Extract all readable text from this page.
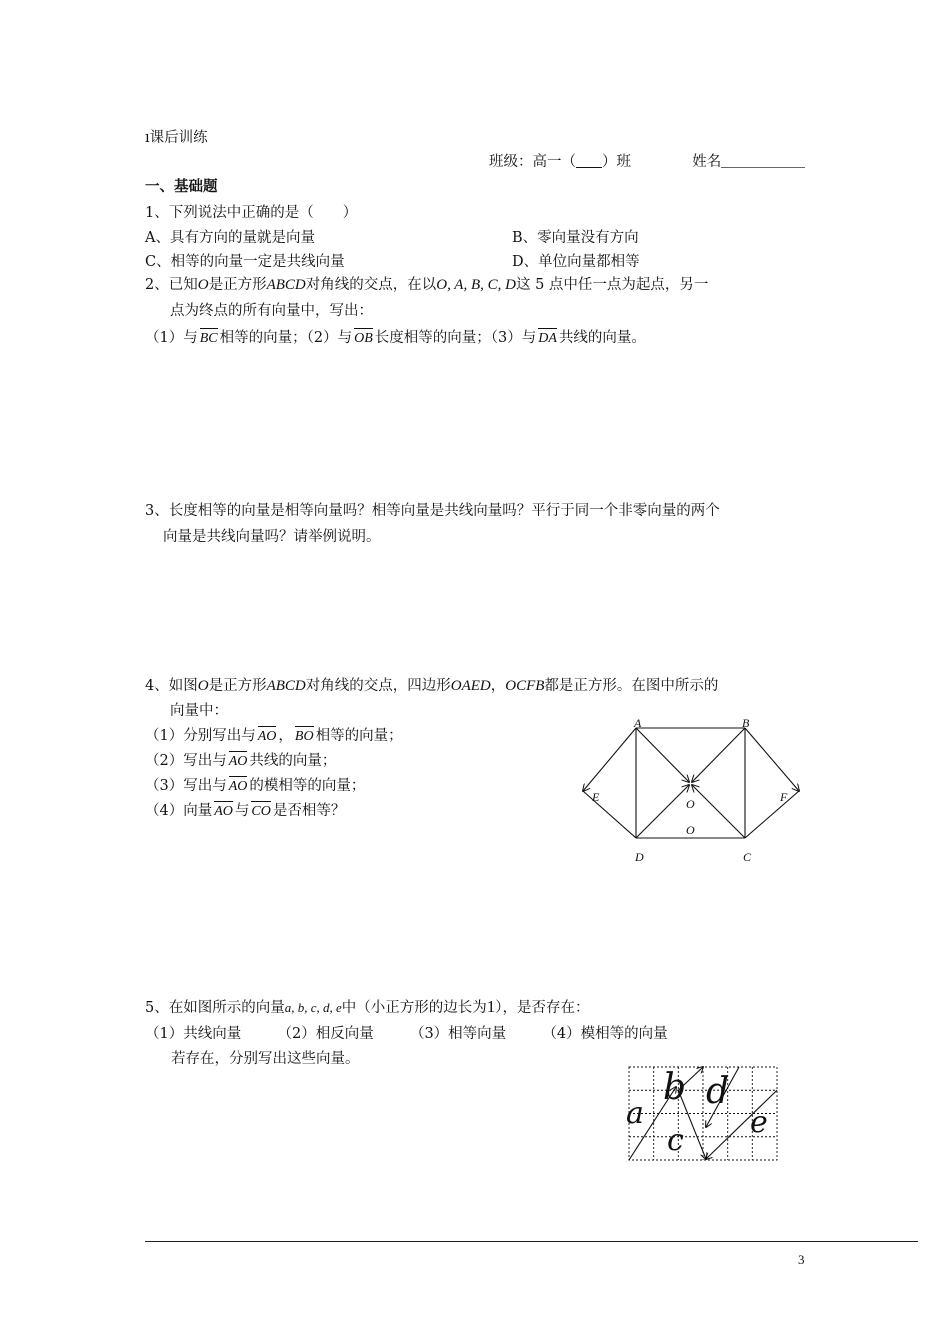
ı课后训练
班级：高一（ ）班	姓名
一、基础题
1、下列说法中正确的是（　　）
A、具有方向的量就是向量	B、零向量没有方向
C、相等的向量一定是共线向量	D、单位向量都相等
2、已知O是正方形ABCD对角线的交点，在以O, A, B, C, D这 5 点中任一点为起点，另一
点为终点的所有向量中，写出：
（1）与 BC 相等的向量；（2）与 OB 长度相等的向量；（3）与 DA 共线的向量。
3、长度相等的向量是相等向量吗？相等向量是共线向量吗？平行于同一个非零向量的两个
向量是共线向量吗？请举例说明。
4、如图O是正方形ABCD对角线的交点，四边形OAED，OCFB都是正方形。在图中所示的
向量中：
（1）分别写出与 AO ， BO 相等的向量；
（2）写出与 AO 共线的向量；
（3）写出与 AO 的模相等的向量；
（4）向量 AO 与 CO 是否相等？
A	B
D	C
E	F
O
O
5、在如图所示的向量a, b, c, d, e中（小正方形的边长为1），是否存在：
（1）共线向量　　　（2）相反向量　　　（3）相等向量　　　（4）模相等的向量
若存在，分别写出这些向量。
a
b
c
d
e
3
